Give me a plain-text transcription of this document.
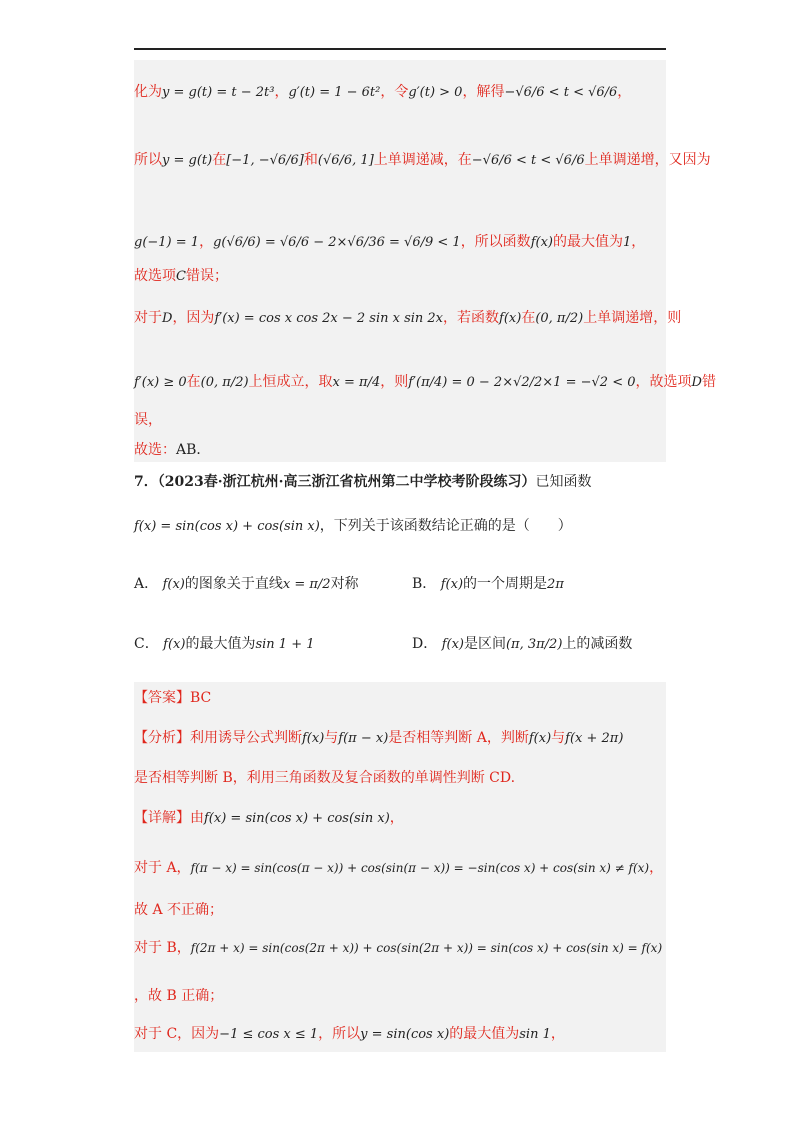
化为y = g(t) = t − 2t³，g′(t) = 1 − 6t²，令g′(t) > 0，解得−√6/6 < t < √6/6，
所以y = g(t)在[−1, −√6/6]和(√6/6, 1]上单调递减，在−√6/6 < t < √6/6上单调递增，又因为
g(−1) = 1，g(√6/6) = √6/6 − 2×√6/36 = √6/9 < 1，所以函数f(x)的最大值为1，
故选项C错误；
对于D，因为f′(x) = cos x cos 2x − 2 sin x sin 2x，若函数f(x)在(0, π/2)上单调递增，则
f′(x) ≥ 0在(0, π/2)上恒成立，取x = π/4，则f′(π/4) = 0 − 2×√2/2×1 = −√2 < 0，故选项D错
误，
故选：AB．
7．（2023春·浙江杭州·高三浙江省杭州第二中学校考阶段练习）已知函数
f(x) = sin(cos x) + cos(sin x)，下列关于该函数结论正确的是（　　）
A． f(x)的图象关于直线x = π/2对称	B． f(x)的一个周期是2π
C． f(x)的最大值为sin 1 + 1	D． f(x)是区间(π, 3π/2)上的减函数
【答案】BC
【分析】利用诱导公式判断f(x)与f(π − x)是否相等判断 A，判断f(x)与f(x + 2π)
是否相等判断 B，利用三角函数及复合函数的单调性判断 CD.
【详解】由f(x) = sin(cos x) + cos(sin x)，
对于 A，f(π − x) = sin(cos(π − x)) + cos(sin(π − x)) = −sin(cos x) + cos(sin x) ≠ f(x)，
故 A 不正确；
对于 B，f(2π + x) = sin(cos(2π + x)) + cos(sin(2π + x)) = sin(cos x) + cos(sin x) = f(x)
，故 B 正确；
对于 C，因为−1 ≤ cos x ≤ 1，所以y = sin(cos x)的最大值为sin 1，
